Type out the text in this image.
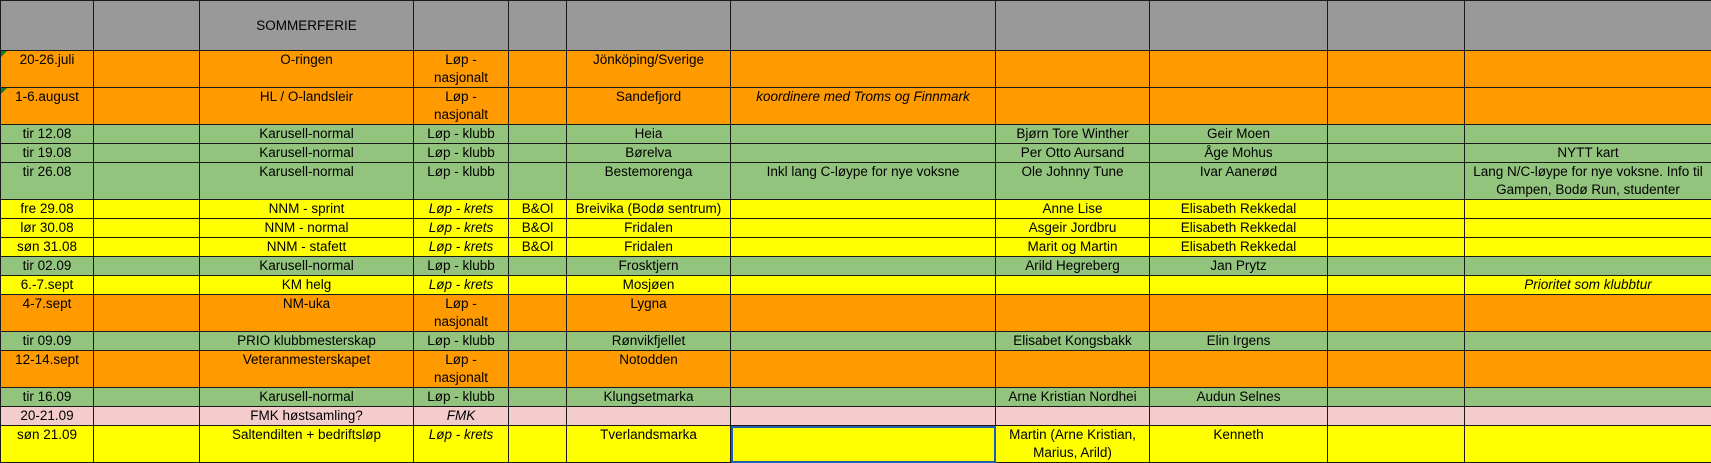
		SOMMERFERIE								

20-26.juli		O-ringen	Løp - nasjonalt		Jönköping/Sverige					

1-6.august		HL / O-landsleir	Løp - nasjonalt		Sandefjord	koordinere med Troms og Finnmark				
tir 12.08		Karusell-normal	Løp - klubb		Heia		Bjørn Tore Winther	Geir Moen		
tir 19.08		Karusell-normal	Løp - klubb		Børelva		Per Otto Aursand	Åge Mohus		NYTT kart
tir 26.08		Karusell-normal	Løp - klubb		Bestemorenga	Inkl lang C-løype for nye voksne	Ole Johnny Tune	Ivar Aanerød		Lang N/C-løype for nye voksne. Info til Gampen, Bodø Run, studenter
fre 29.08		NNM - sprint	Løp - krets	B&Ol	Breivika (Bodø sentrum)		Anne Lise	Elisabeth Rekkedal		
lør 30.08		NNM - normal	Løp - krets	B&Ol	Fridalen		Asgeir Jordbru	Elisabeth Rekkedal		
søn 31.08		NNM - stafett	Løp - krets	B&Ol	Fridalen		Marit og Martin	Elisabeth Rekkedal		
tir 02.09		Karusell-normal	Løp - klubb		Frosktjern		Arild Hegreberg	Jan Prytz		
6.-7.sept		KM helg	Løp - krets		Mosjøen					Prioritet som klubbtur
4-7.sept		NM-uka	Løp - nasjonalt		Lygna					
tir 09.09		PRIO klubbmesterskap	Løp - klubb		Rønvikfjellet		Elisabet Kongsbakk	Elin Irgens		
12-14.sept		Veteranmesterskapet	Løp - nasjonalt		Notodden					
tir 16.09		Karusell-normal	Løp - klubb		Klungsetmarka		Arne Kristian Nordhei	Audun Selnes		
20-21.09		FMK høstsamling?	FMK							
søn 21.09		Saltendilten + bedriftsløp	Løp - krets		Tverlandsmarka		Martin (Arne Kristian, Marius, Arild)	Kenneth		
